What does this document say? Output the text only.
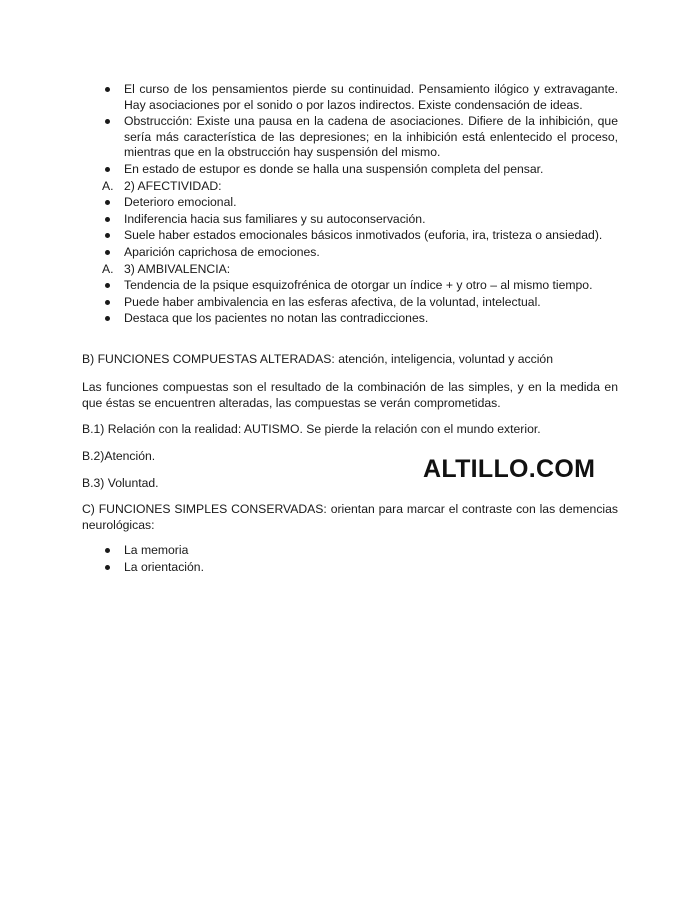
El curso de los pensamientos pierde su continuidad. Pensamiento ilógico y extravagante. Hay asociaciones por el sonido o por lazos indirectos. Existe condensación de ideas.
Obstrucción: Existe una pausa en la cadena de asociaciones. Difiere de la inhibición, que sería más característica de las depresiones; en la inhibición está enlentecido el proceso, mientras que en la obstrucción hay suspensión del mismo.
En estado de estupor es donde se halla una suspensión completa del pensar.
A. 2) AFECTIVIDAD:
Deterioro emocional.
Indiferencia hacia sus familiares y su autoconservación.
Suele haber estados emocionales básicos inmotivados (euforia, ira, tristeza o ansiedad).
Aparición caprichosa de emociones.
A. 3) AMBIVALENCIA:
Tendencia de la psique esquizofrénica de otorgar un índice + y otro – al mismo tiempo.
Puede haber ambivalencia en las esferas afectiva, de la voluntad, intelectual.
Destaca que los pacientes no notan las contradicciones.

B) FUNCIONES COMPUESTAS ALTERADAS: atención, inteligencia, voluntad y acción

Las funciones compuestas son el resultado de la combinación de las simples, y en la medida en que éstas se encuentren alteradas, las compuestas se verán comprometidas.

B.1) Relación con la realidad: AUTISMO. Se pierde la relación con el mundo exterior.

B.2)Atención.

B.3) Voluntad.

C) FUNCIONES SIMPLES CONSERVADAS: orientan para marcar el contraste con las demencias neurológicas:

La memoria
La orientación.
ALTILLO.COM
